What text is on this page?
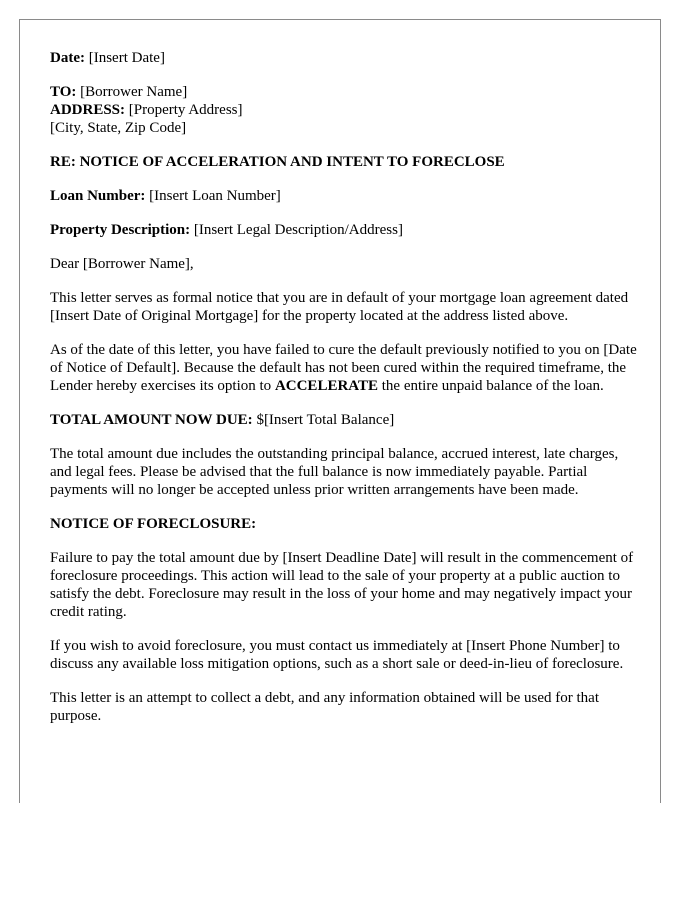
Date: [Insert Date]

TO: [Borrower Name]
ADDRESS: [Property Address]
[City, State, Zip Code]

RE: NOTICE OF ACCELERATION AND INTENT TO FORECLOSE

Loan Number: [Insert Loan Number]

Property Description: [Insert Legal Description/Address]

Dear [Borrower Name],

This letter serves as formal notice that you are in default of your mortgage loan agreement dated [Insert Date of Original Mortgage] for the property located at the address listed above.

As of the date of this letter, you have failed to cure the default previously notified to you on [Date of Notice of Default]. Because the default has not been cured within the required timeframe, the Lender hereby exercises its option to ACCELERATE the entire unpaid balance of the loan.

TOTAL AMOUNT NOW DUE: $[Insert Total Balance]

The total amount due includes the outstanding principal balance, accrued interest, late charges, and legal fees. Please be advised that the full balance is now immediately payable. Partial payments will no longer be accepted unless prior written arrangements have been made.

NOTICE OF FORECLOSURE:

Failure to pay the total amount due by [Insert Deadline Date] will result in the commencement of foreclosure proceedings. This action will lead to the sale of your property at a public auction to satisfy the debt. Foreclosure may result in the loss of your home and may negatively impact your credit rating.

If you wish to avoid foreclosure, you must contact us immediately at [Insert Phone Number] to discuss any available loss mitigation options, such as a short sale or deed-in-lieu of foreclosure.

This letter is an attempt to collect a debt, and any information obtained will be used for that purpose.
